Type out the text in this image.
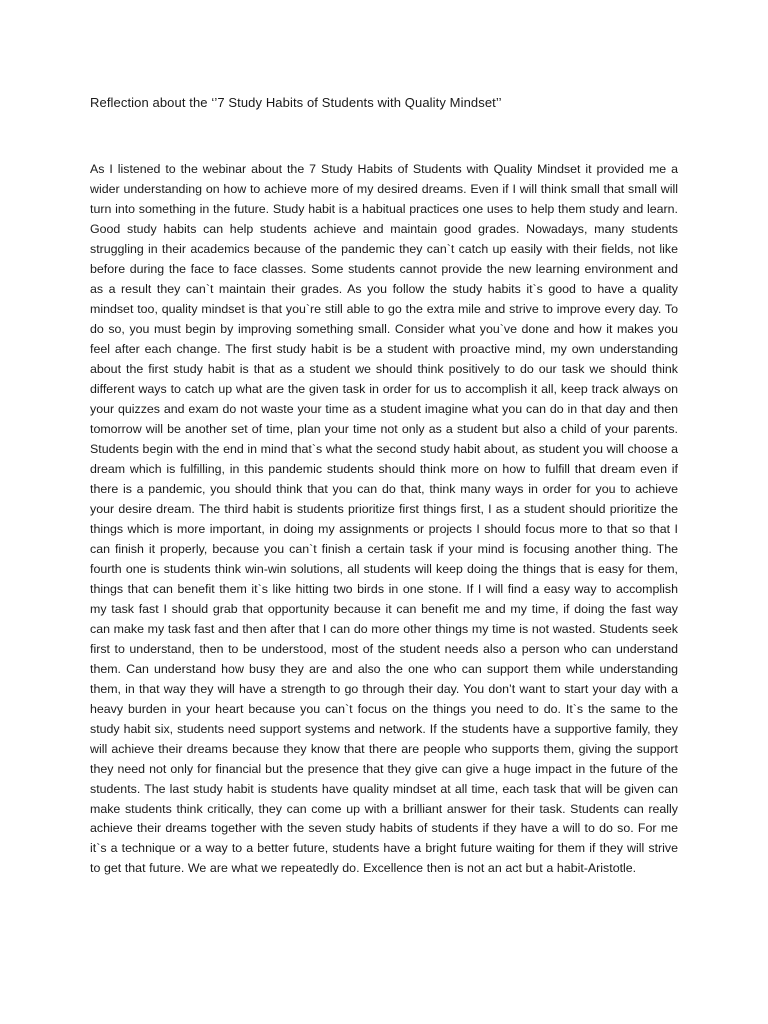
Reflection about the ‘’7 Study Habits of Students with Quality Mindset’’

As I listened to the webinar about the 7 Study Habits of Students with Quality Mindset it provided me a wider understanding on how to achieve more of my desired dreams. Even if I will think small that small will turn into something in the future. Study habit is a habitual practices one uses to help them study and learn. Good study habits can help students achieve and maintain good grades. Nowadays, many students struggling in their academics because of the pandemic they can`t catch up easily with their fields, not like before during the face to face classes. Some students cannot provide the new learning environment and as a result they can`t maintain their grades. As you follow the study habits it`s good to have a quality mindset too, quality mindset is that you`re still able to go the extra mile and strive to improve every day. To do so, you must begin by improving something small. Consider what you`ve done and how it makes you feel after each change. The first study habit is be a student with proactive mind, my own understanding about the first study habit is that as a student we should think positively to do our task we should think different ways to catch up what are the given task in order for us to accomplish it all, keep track always on your quizzes and exam do not waste your time as a student imagine what you can do in that day and then tomorrow will be another set of time, plan your time not only as a student but also a child of your parents. Students begin with the end in mind that`s what the second study habit about, as student you will choose a dream which is fulfilling, in this pandemic students should think more on how to fulfill that dream even if there is a pandemic, you should think that you can do that, think many ways in order for you to achieve your desire dream. The third habit is students prioritize first things first, I as a student should prioritize the things which is more important, in doing my assignments or projects I should focus more to that so that I can finish it properly, because you can`t finish a certain task if your mind is focusing another thing. The fourth one is students think win-win solutions, all students will keep doing the things that is easy for them, things that can benefit them it`s like hitting two birds in one stone. If I will find a easy way to accomplish my task fast I should grab that opportunity because it can benefit me and my time, if doing the fast way can make my task fast and then after that I can do more other things my time is not wasted. Students seek first to understand, then to be understood, most of the student needs also a person who can understand them. Can understand how busy they are and also the one who can support them while understanding them, in that way they will have a strength to go through their day. You don’t want to start your day with a heavy burden in your heart because you can`t focus on the things you need to do. It`s the same to the study habit six, students need support systems and network. If the students have a supportive family, they will achieve their dreams because they know that there are people who supports them, giving the support they need not only for financial but the presence that they give can give a huge impact in the future of the students. The last study habit is students have quality mindset at all time, each task that will be given can make students think critically, they can come up with a brilliant answer for their task. Students can really achieve their dreams together with the seven study habits of students if they have a will to do so. For me it`s a technique or a way to a better future, students have a bright future waiting for them if they will strive to get that future. We are what we repeatedly do. Excellence then is not an act but a habit-Aristotle.
